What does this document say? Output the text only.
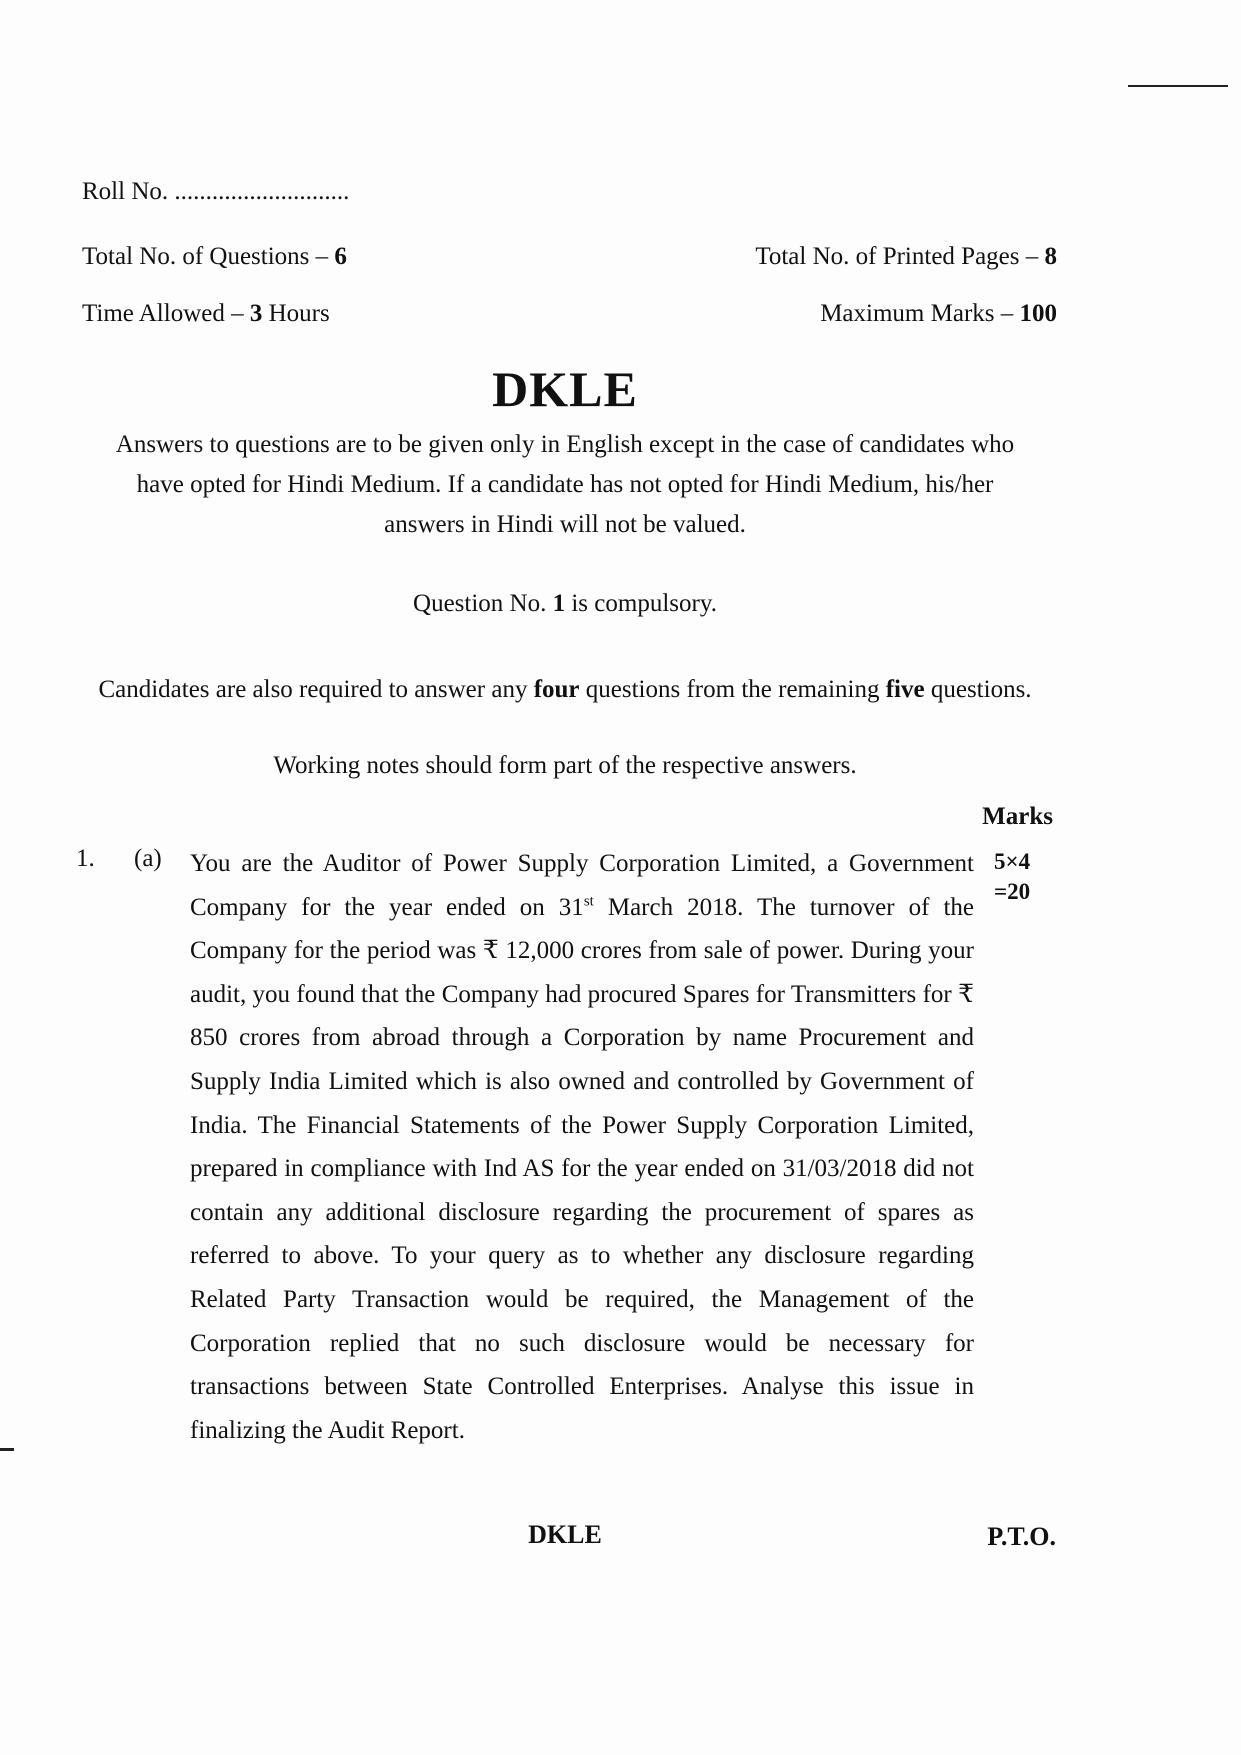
Roll No. ............................
Total No. of Questions – 6	Total No. of Printed Pages – 8
Time Allowed – 3 Hours	Maximum Marks – 100
DKLE
Answers to questions are to be given only in English except in the case of candidates who have opted for Hindi Medium. If a candidate has not opted for Hindi Medium, his/her answers in Hindi will not be valued.
Question No. 1 is compulsory.
Candidates are also required to answer any four questions from the remaining five questions.
Working notes should form part of the respective answers.
Marks
1. (a) You are the Auditor of Power Supply Corporation Limited, a Government Company for the year ended on 31st March 2018. The turnover of the Company for the period was ₹ 12,000 crores from sale of power. During your audit, you found that the Company had procured Spares for Transmitters for ₹ 850 crores from abroad through a Corporation by name Procurement and Supply India Limited which is also owned and controlled by Government of India. The Financial Statements of the Power Supply Corporation Limited, prepared in compliance with Ind AS for the year ended on 31/03/2018 did not contain any additional disclosure regarding the procurement of spares as referred to above. To your query as to whether any disclosure regarding Related Party Transaction would be required, the Management of the Corporation replied that no such disclosure would be necessary for transactions between State Controlled Enterprises. Analyse this issue in finalizing the Audit Report.
5×4
=20
DKLE	P.T.O.
